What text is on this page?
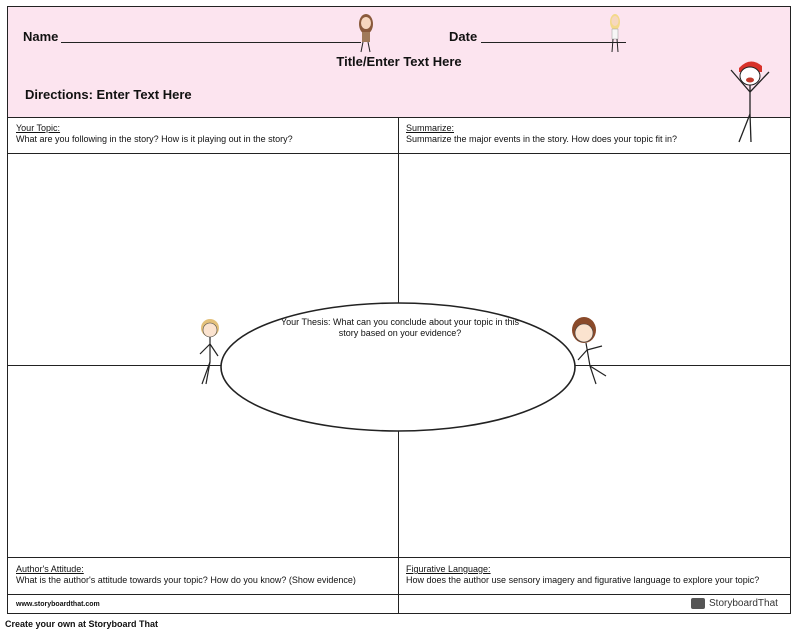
Name	Date
Title/Enter Text Here
Directions: Enter Text Here
Your Topic:
What are you following in the story? How is it playing out in the story?
Summarize:
Summarize the major events in the story. How does your topic fit in?
Author's Attitude:
What is the author's attitude towards your topic? How do you know? (Show evidence)
Figurative Language:
How does the author use sensory imagery and figurative language to explore your topic?
www.storyboardthat.com	StoryboardThat
Your Thesis: What can you conclude about your topic in this story based on your evidence?
Create your own at Storyboard That
